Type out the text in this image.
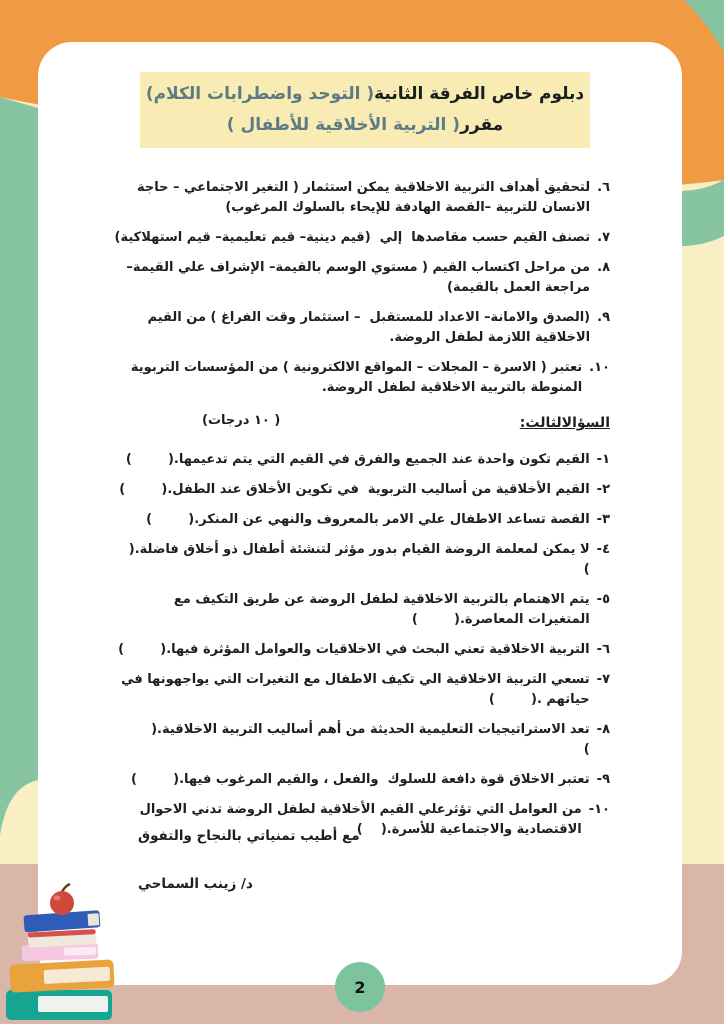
دبلوم خاص الفرقة الثانية( التوحد واضطرابات الكلام)
مقرر( التربية الأخلاقية للأطفال )
٦.
لتحقيق أهداف التربية الاخلاقية يمكن استثمار ( التغير الاجتماعي – حاجة الانسان للتربية –القصة الهادفة للإيحاء بالسلوك المرغوب)
٧.
تصنف القيم حسب مقاصدها  إلي  (قيم دينية– قيم تعليمية– قيم استهلاكية)
٨.
من مراحل اكتساب القيم ( مستوي الوسم بالقيمة– الإشراف علي القيمة– مراجعة العمل بالقيمة)
٩.
(الصدق والامانة– الاعداد للمستقبل  – استثمار وقت الفراغ ) من القيم الاخلاقية اللازمة لطفل الروضة.
١٠.
تعتبر ( الاسرة – المجلات – المواقع الالكترونية ) من المؤسسات التربوية المنوطة بالتربية الاخلاقية لطفل الروضة.
السؤالالثالث:
( ١٠ درجات)
١-
القيم تكون واحدة عند الجميع والفرق في القيم التي يتم تدعيمها.(        )
٢-
القيم الأخلاقية من أساليب التربوية  في تكوين الأخلاق عند الطفل.(        )
٣-
القصة تساعد الاطفال علي الامر بالمعروف والنهي عن المنكر.(        )
٤-
لا يمكن لمعلمة الروضة القيام بدور مؤثر لتنشئة أطفال ذو أخلاق فاضلة.(        )
٥-
يتم الاهتمام بالتربية الاخلاقية لطفل الروضة عن طريق التكيف مع المتغيرات المعاصرة.(        )
٦-
التربية الاخلاقية تعني البحث في الاخلاقيات والعوامل المؤثرة فيها.(        )
٧-
تسعي التربية الاخلاقية الي تكيف الاطفال مع التغيرات التي يواجهونها في حياتهم .(        )
٨-
تعد الاستراتيجيات التعليمية الحديثة من أهم أساليب التربية الاخلاقية.(        )
٩-
تعتبر الاخلاق قوة دافعة للسلوك  والفعل ، والقيم المرغوب فيها.(        )
١٠-
من العوامل التي تؤثرعلي القيم الأخلاقية لطفل الروضة تدني الاحوال الاقتصادية والاجتماعية للأسرة.(    )
مع أطيب تمنياتي بالنجاح والتفوق
د/ زينب السماحي
2
